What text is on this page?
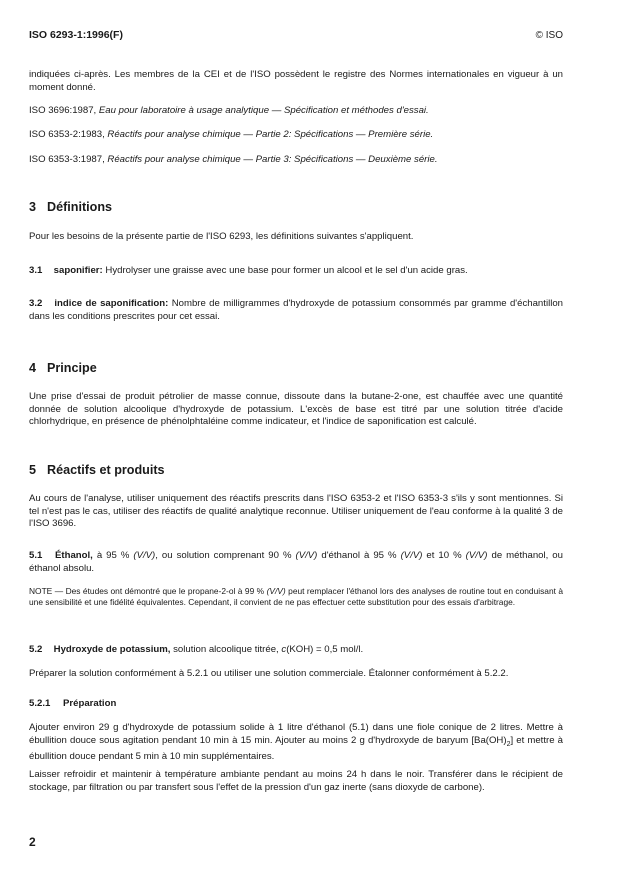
ISO 6293-1:1996(F)	© ISO

indiquées ci-après. Les membres de la CEI et de l'ISO possèdent le registre des Normes internationales en vigueur à un moment donné.

ISO 3696:1987, Eau pour laboratoire à usage analytique — Spécification et méthodes d'essai.

ISO 6353-2:1983, Réactifs pour analyse chimique — Partie 2: Spécifications — Première série.

ISO 6353-3:1987, Réactifs pour analyse chimique — Partie 3: Spécifications — Deuxième série.

3 Définitions

Pour les besoins de la présente partie de l'ISO 6293, les définitions suivantes s'appliquent.

3.1 saponifier: Hydrolyser une graisse avec une base pour former un alcool et le sel d'un acide gras.

3.2 indice de saponification: Nombre de milligrammes d'hydroxyde de potassium consommés par gramme d'échantillon dans les conditions prescrites pour cet essai.

4 Principe

Une prise d'essai de produit pétrolier de masse connue, dissoute dans la butane-2-one, est chauffée avec une quantité donnée de solution alcoolique d'hydroxyde de potassium. L'excès de base est titré par une solution titrée d'acide chlorhydrique, en présence de phénolphtaléine comme indicateur, et l'indice de saponification est calculé.

5 Réactifs et produits

Au cours de l'analyse, utiliser uniquement des réactifs prescrits dans l'ISO 6353-2 et l'ISO 6353-3 s'ils y sont mentionnes. Si tel n'est pas le cas, utiliser des réactifs de qualité analytique reconnue. Utiliser uniquement de l'eau conforme à la qualité 3 de l'ISO 3696.

5.1 Éthanol, à 95 % (V/V), ou solution comprenant 90 % (V/V) d'éthanol à 95 % (V/V) et 10 % (V/V) de méthanol, ou éthanol absolu.

NOTE — Des études ont démontré que le propane-2-ol à 99 % (V/V) peut remplacer l'éthanol lors des analyses de routine tout en conduisant à une sensibilité et une fidélité équivalentes. Cependant, il convient de ne pas effectuer cette substitution pour des essais d'arbitrage.

5.2 Hydroxyde de potassium, solution alcoolique titrée, c(KOH) = 0,5 mol/l.

Préparer la solution conformément à 5.2.1 ou utiliser une solution commerciale. Étalonner conformément à 5.2.2.

5.2.1 Préparation

Ajouter environ 29 g d'hydroxyde de potassium solide à 1 litre d'éthanol (5.1) dans une fiole conique de 2 litres. Mettre à ébullition douce sous agitation pendant 10 min à 15 min. Ajouter au moins 2 g d'hydroxyde de baryum $[Ba(OH)_2]$ et mettre à ébullition douce pendant 5 min à 10 min supplémentaires.

Laisser refroidir et maintenir à température ambiante pendant au moins 24 h dans le noir. Transférer dans le récipient de stockage, par filtration ou par transfert sous l'effet de la pression d'un gaz inerte (sans dioxyde de carbone).

2
